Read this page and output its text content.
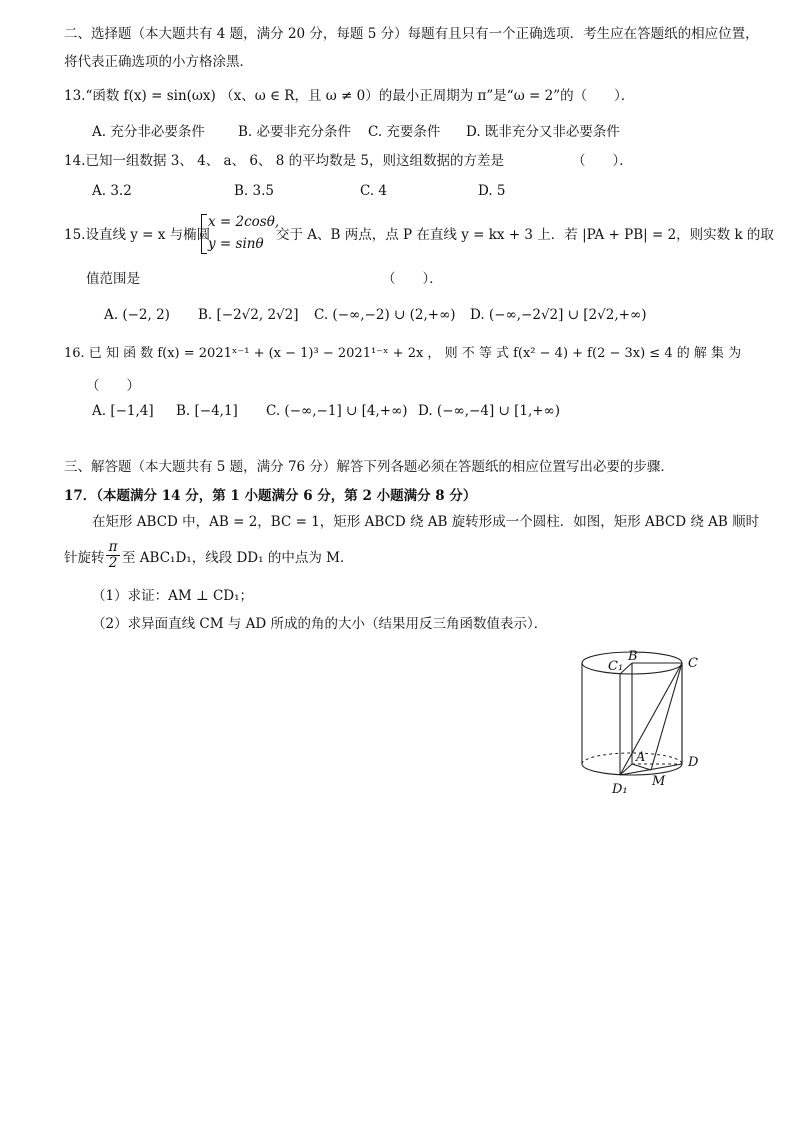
二、选择题（本大题共有 4 题，满分 20 分，每题 5 分）每题有且只有一个正确选项．考生应在答题纸的相应位置，
将代表正确选项的小方格涂黑．
13.“函数 f(x) = sin(ωx) （x、ω ∈ R，且 ω ≠ 0）的最小正周期为 π”是“ω = 2”的（　　）．
A. 充分非必要条件 B. 必要非充分条件 C. 充要条件 D. 既非充分又非必要条件
14.已知一组数据 3、 4、 a、 6、 8 的平均数是 5，则这组数据的方差是	（　　）．
A. 3.2	B. 3.5	C. 4	D. 5
15.设直线 y = x 与椭圆
x = 2cosθ,
y = sinθ
交于 A、B 两点，点 P 在直线 y = kx + 3 上．若 |PA + PB| = 2，则实数 k 的取
值范围是	（　　）．
A. (−2, 2) B. [−2√2, 2√2] C. (−∞,−2) ∪ (2,+∞) D. (−∞,−2√2] ∪ [2√2,+∞)
16. 已 知 函 数 f(x) = 2021ˣ⁻¹ + (x − 1)³ − 2021¹⁻ˣ + 2x ， 则 不 等 式 f(x² − 4) + f(2 − 3x) ≤ 4 的 解 集 为
（　　）
A. [−1,4] B. [−4,1] C. (−∞,−1] ∪ [4,+∞) D. (−∞,−4] ∪ [1,+∞)
三、解答题（本大题共有 5 题，满分 76 分）解答下列各题必须在答题纸的相应位置写出必要的步骤．
17．（本题满分 14 分，第 1 小题满分 6 分，第 2 小题满分 8 分）
在矩形 ABCD 中，AB = 2，BC = 1，矩形 ABCD 绕 AB 旋转形成一个圆柱．如图，矩形 ABCD 绕 AB 顺时
针旋转 $\frac{\pi}{2}$ 至 ABC₁D₁，线段 DD₁ 的中点为 M．
（1）求证：AM ⊥ CD₁；
（2）求异面直线 CM 与 AD 所成的角的大小（结果用反三角函数值表示）．
C₁
B	C
A	D
D₁
M
